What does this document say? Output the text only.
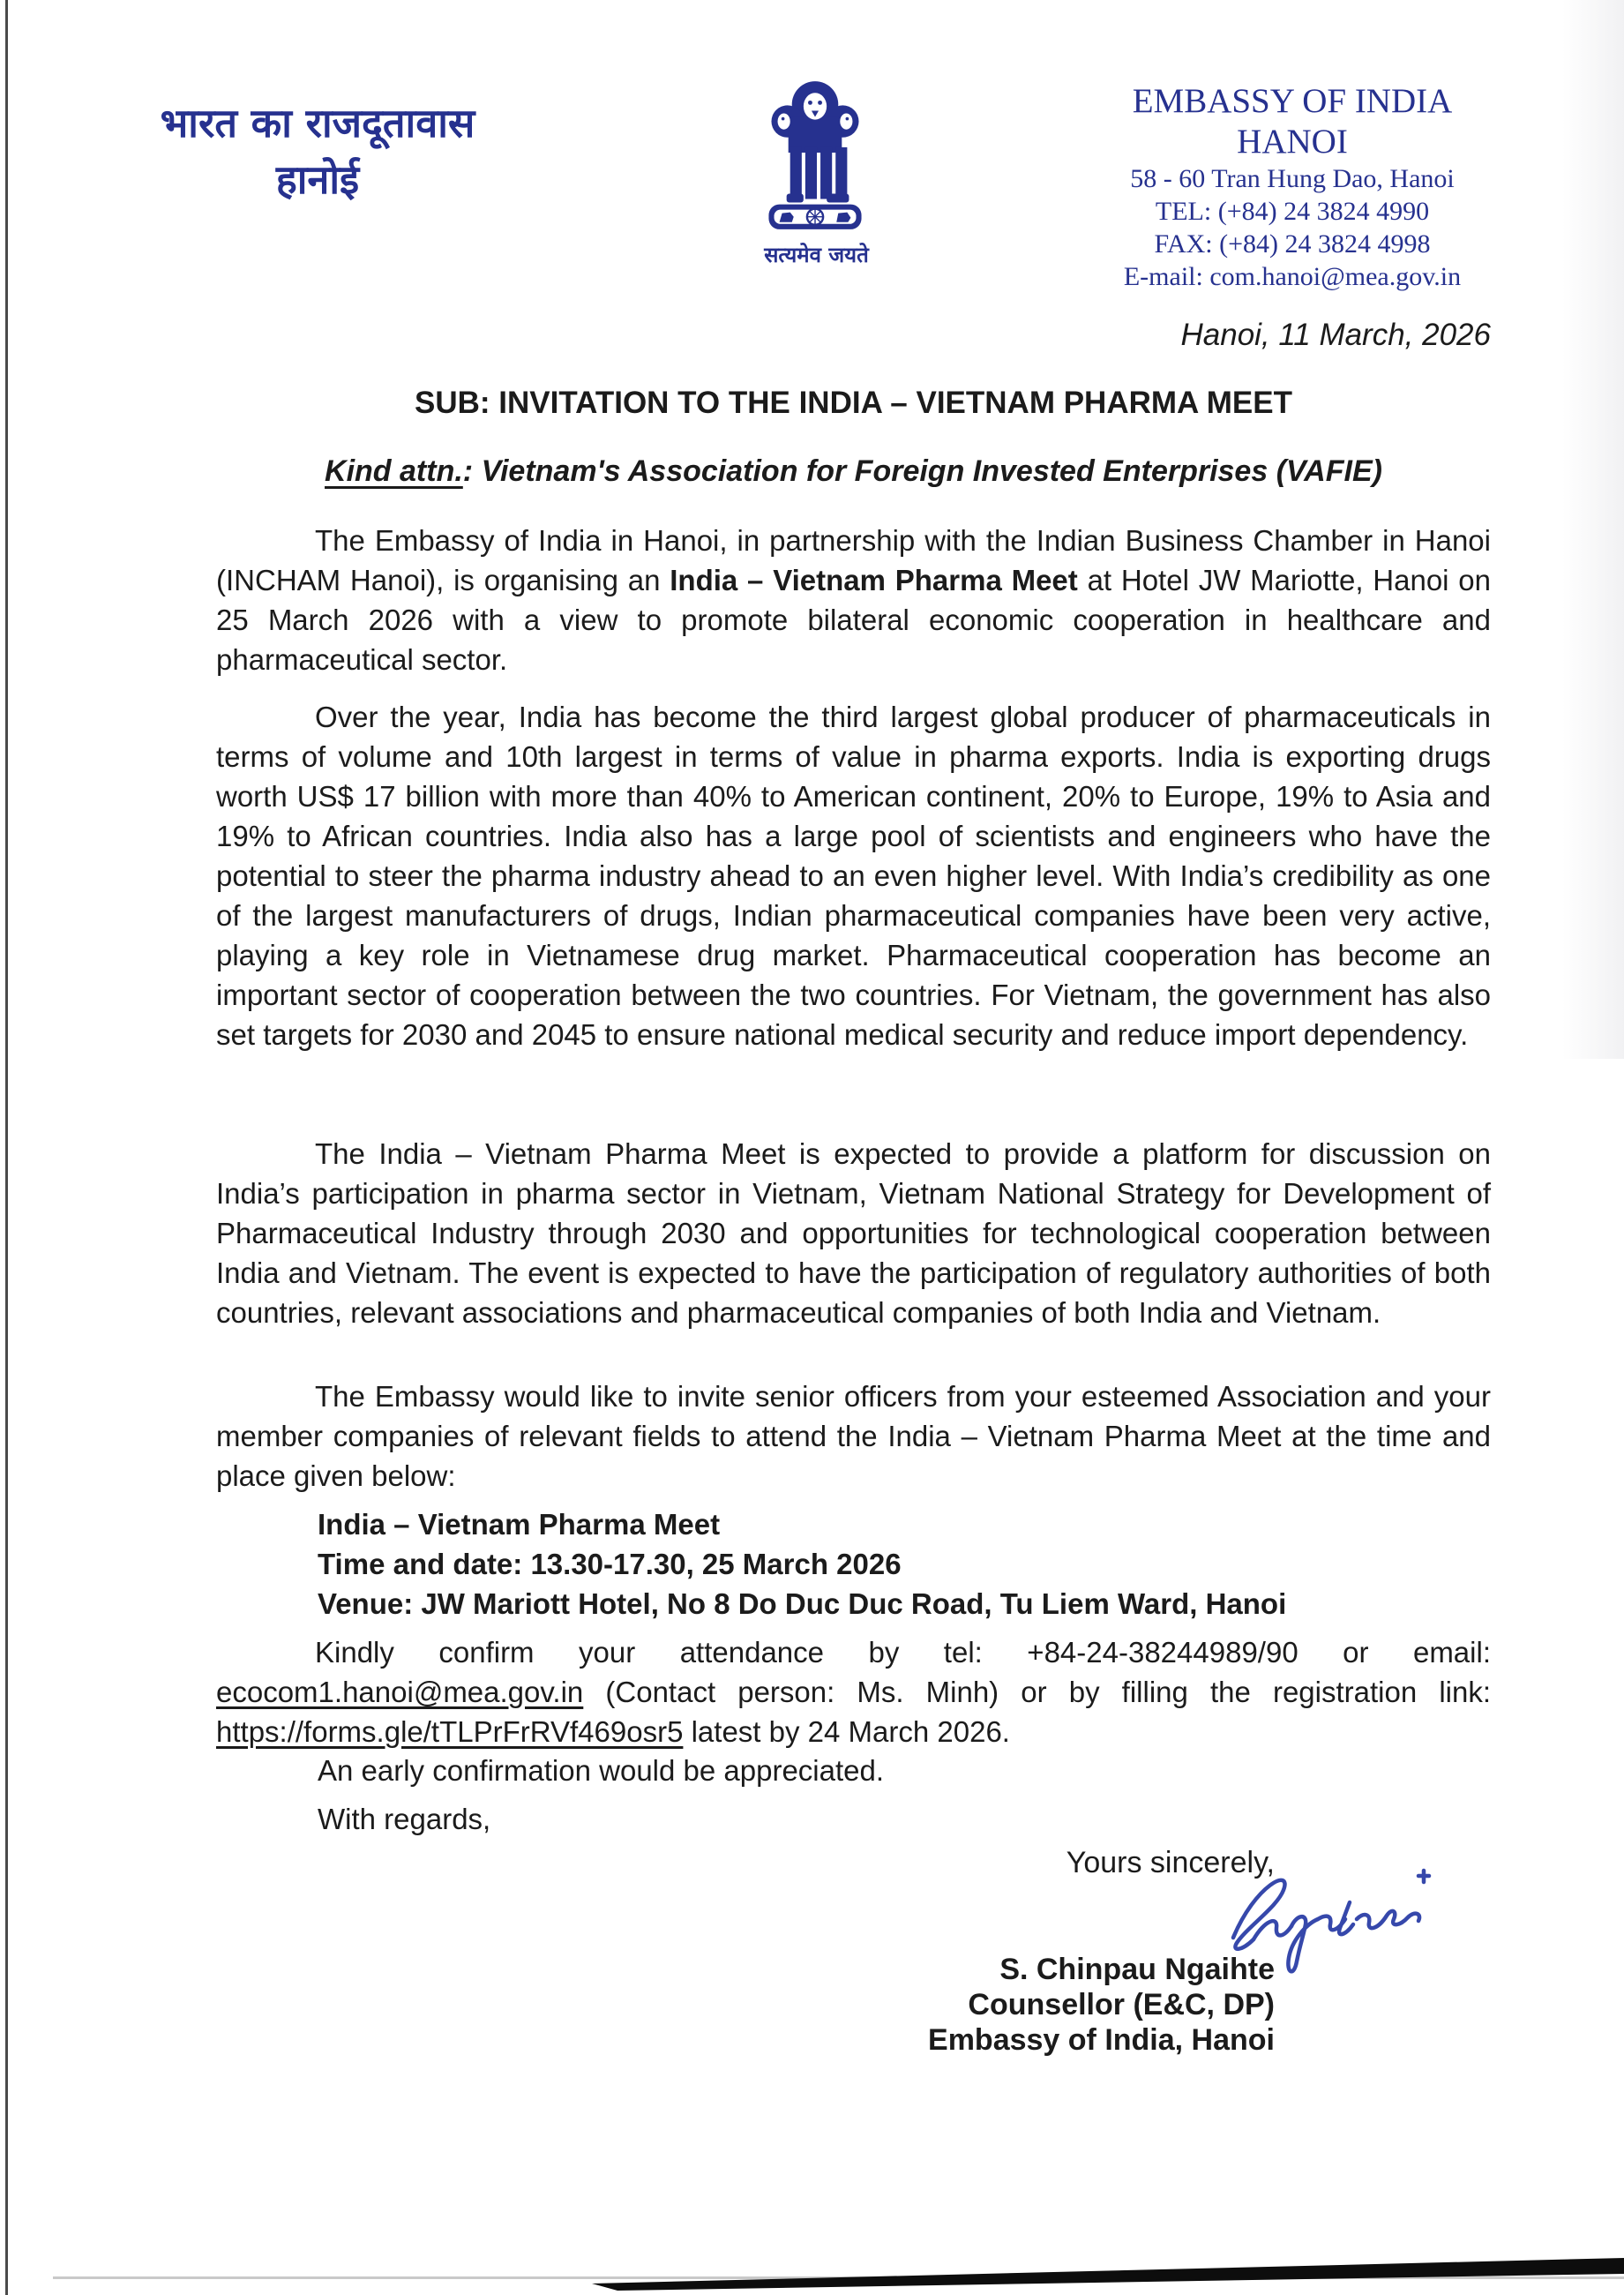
भारत का राजदूतावास
हानोई
सत्यमेव जयते
EMBASSY OF INDIA
HANOI
58 - 60 Tran Hung Dao, Hanoi
TEL: (+84) 24 3824 4990
FAX: (+84) 24 3824 4998
E-mail: com.hanoi@mea.gov.in
Hanoi, 11 March, 2026
SUB: INVITATION TO THE INDIA – VIETNAM PHARMA MEET
Kind attn.: Vietnam's Association for Foreign Invested Enterprises (VAFIE)

The Embassy of India in Hanoi, in partnership with the Indian Business Chamber in Hanoi (INCHAM Hanoi), is organising an India – Vietnam Pharma Meet at Hotel JW Mariotte, Hanoi on 25 March 2026 with a view to promote bilateral economic cooperation in healthcare and pharmaceutical sector.

Over the year, India has become the third largest global producer of pharmaceuticals in terms of volume and 10th largest in terms of value in pharma exports. India is exporting drugs worth US$ 17 billion with more than 40% to American continent, 20% to Europe, 19% to Asia and 19% to African countries. India also has a large pool of scientists and engineers who have the potential to steer the pharma industry ahead to an even higher level. With India’s credibility as one of the largest manufacturers of drugs, Indian pharmaceutical companies have been very active, playing a key role in Vietnamese drug market. Pharmaceutical cooperation has become an important sector of cooperation between the two countries. For Vietnam, the government has also set targets for 2030 and 2045 to ensure national medical security and reduce import dependency.

The India – Vietnam Pharma Meet is expected to provide a platform for discussion on India’s participation in pharma sector in Vietnam, Vietnam National Strategy for Development of Pharmaceutical Industry through 2030 and opportunities for technological cooperation between India and Vietnam. The event is expected to have the participation of regulatory authorities of both countries, relevant associations and pharmaceutical companies of both India and Vietnam.

The Embassy would like to invite senior officers from your esteemed Association and your member companies of relevant fields to attend the India – Vietnam Pharma Meet at the time and place given below:

India – Vietnam Pharma Meet
Time and date: 13.30-17.30, 25 March 2026
Venue: JW Mariott Hotel, No 8 Do Duc Duc Road, Tu Liem Ward, Hanoi

Kindly confirm your attendance by tel: +84-24-38244989/90 or email: ecocom1.hanoi@mea.gov.in (Contact person: Ms. Minh) or by filling the registration link: https://forms.gle/tTLPrFrRVf469osr5 latest by 24 March 2026.

An early confirmation would be appreciated.
With regards,
Yours sincerely,
S. Chinpau Ngaihte
Counsellor (E&C, DP)
Embassy of India, Hanoi
